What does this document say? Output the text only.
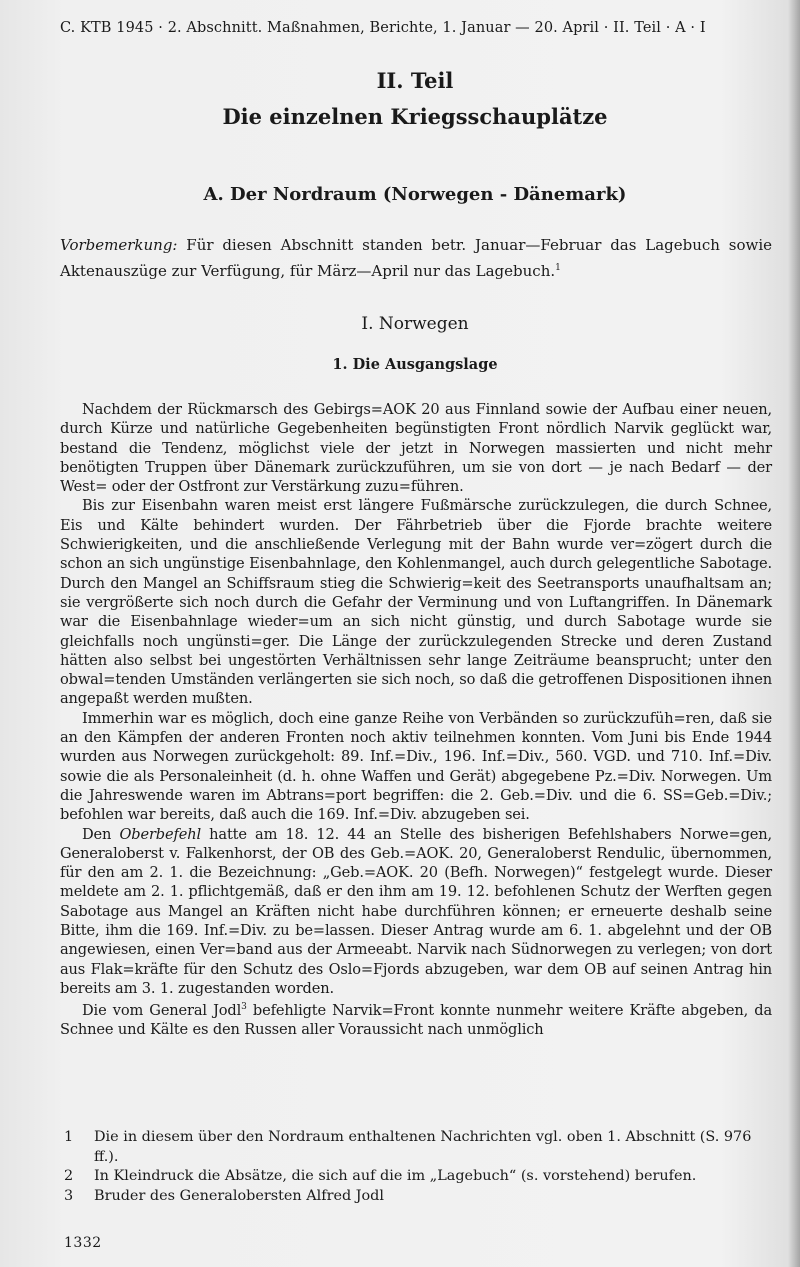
C. KTB 1945 · 2. Abschnitt. Maßnahmen, Berichte, 1. Januar — 20. April · II. Teil · A · I
II. Teil
Die einzelnen Kriegsschauplätze
A. Der Nordraum (Norwegen - Dänemark)
Vorbemerkung: Für diesen Abschnitt standen betr. Januar—Februar das Lagebuch sowie Aktenauszüge zur Verfügung, für März—April nur das Lagebuch.$^1$
I. Norwegen
1. Die Ausgangslage

Nachdem der Rückmarsch des Gebirgs=AOK 20 aus Finnland sowie der Aufbau einer neuen, durch Kürze und natürliche Gegebenheiten begünstigten Front nördlich Narvik geglückt war, bestand die Tendenz, möglichst viele der jetzt in Norwegen massierten und nicht mehr benötigten Truppen über Dänemark zurückzuführen, um sie von dort — je nach Bedarf — der West= oder der Ostfront zur Verstärkung zuzu=führen.

Bis zur Eisenbahn waren meist erst längere Fußmärsche zurückzulegen, die durch Schnee, Eis und Kälte behindert wurden. Der Fährbetrieb über die Fjorde brachte weitere Schwierigkeiten, und die anschließende Verlegung mit der Bahn wurde ver=zögert durch die schon an sich ungünstige Eisenbahnlage, den Kohlenmangel, auch durch gelegentliche Sabotage. Durch den Mangel an Schiffsraum stieg die Schwierig=keit des Seetransports unaufhaltsam an; sie vergrößerte sich noch durch die Gefahr der Verminung und von Luftangriffen. In Dänemark war die Eisenbahnlage wieder=um an sich nicht günstig, und durch Sabotage wurde sie gleichfalls noch ungünsti=ger. Die Länge der zurückzulegenden Strecke und deren Zustand hätten also selbst bei ungestörten Verhältnissen sehr lange Zeiträume beansprucht; unter den obwal=tenden Umständen verlängerten sie sich noch, so daß die getroffenen Dispositionen ihnen angepaßt werden mußten.

Immerhin war es möglich, doch eine ganze Reihe von Verbänden so zurückzufüh=ren, daß sie an den Kämpfen der anderen Fronten noch aktiv teilnehmen konnten. Vom Juni bis Ende 1944 wurden aus Norwegen zurückgeholt: 89. Inf.=Div., 196. Inf.=Div., 560. VGD. und 710. Inf.=Div. sowie die als Personaleinheit (d. h. ohne Waffen und Gerät) abgegebene Pz.=Div. Norwegen. Um die Jahreswende waren im Abtrans=port begriffen: die 2. Geb.=Div. und die 6. SS=Geb.=Div.; befohlen war bereits, daß auch die 169. Inf.=Div. abzugeben sei.

Den Oberbefehl hatte am 18. 12. 44 an Stelle des bisherigen Befehlshabers Norwe=gen, Generaloberst v. Falkenhorst, der OB des Geb.=AOK. 20, Generaloberst Rendulic, übernommen, für den am 2. 1. die Bezeichnung: „Geb.=AOK. 20 (Befh. Norwegen)“ festgelegt wurde. Dieser meldete am 2. 1. pflichtgemäß, daß er den ihm am 19. 12. befohlenen Schutz der Werften gegen Sabotage aus Mangel an Kräften nicht habe durchführen können; er erneuerte deshalb seine Bitte, ihm die 169. Inf.=Div. zu be=lassen. Dieser Antrag wurde am 6. 1. abgelehnt und der OB angewiesen, einen Ver=band aus der Armeeabt. Narvik nach Südnorwegen zu verlegen; von dort aus Flak=kräfte für den Schutz des Oslo=Fjords abzugeben, war dem OB auf seinen Antrag hin bereits am 3. 1. zugestanden worden.

Die vom General Jodl$^3$ befehligte Narvik=Front konnte nunmehr weitere Kräfte abgeben, da Schnee und Kälte es den Russen aller Voraussicht nach unmöglich

1	Die in diesem über den Nordraum enthaltenen Nachrichten vgl. oben 1. Abschnitt (S. 976 ff.).
2	In Kleindruck die Absätze, die sich auf die im „Lagebuch“ (s. vorstehend) berufen.
3	Bruder des Generalobersten Alfred Jodl
1332
